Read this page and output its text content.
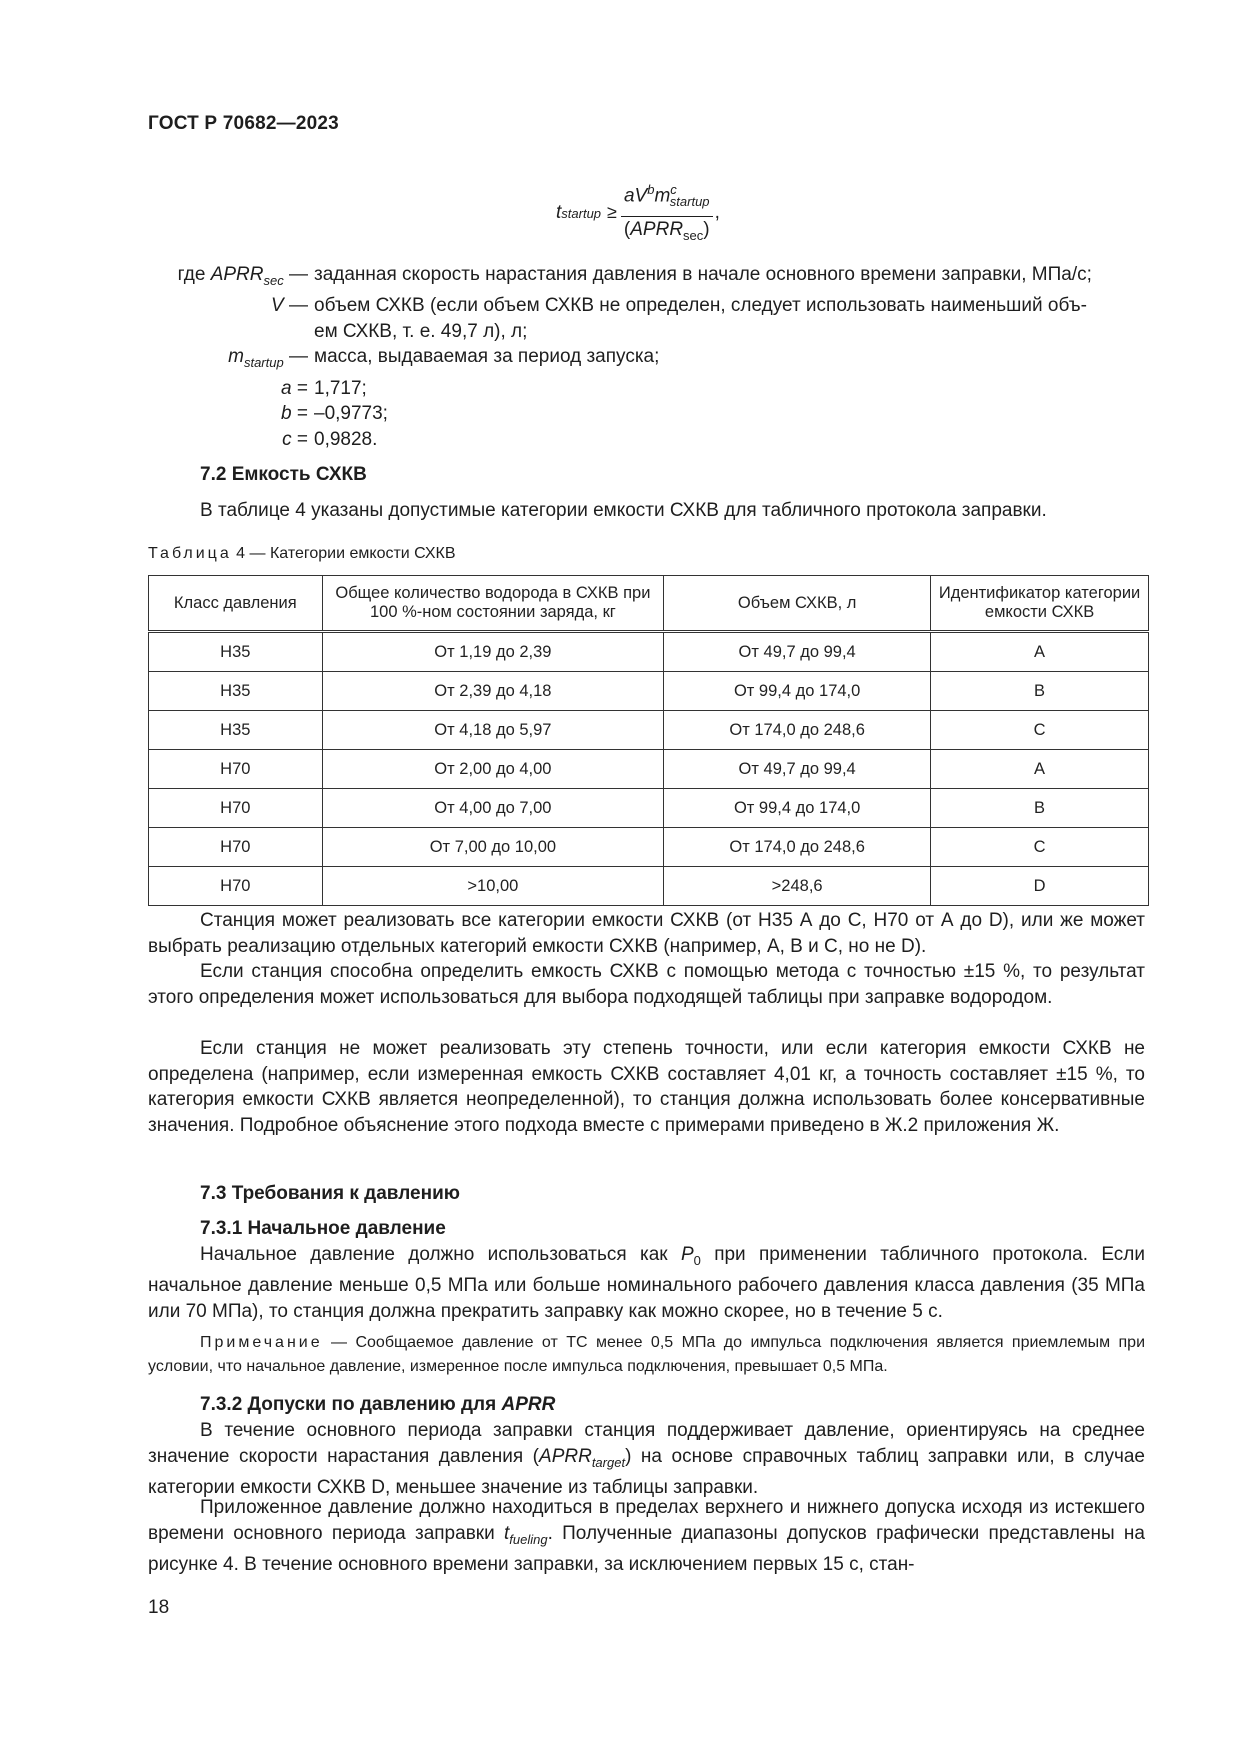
ГОСТ Р 70682—2023
t startup ≥ $\frac{aV^bm^c_{startup}}{(APRR_{sec})}$ ,
где $APRR_{sec}$ — заданная скорость нарастания давления в начале основного времени заправки, МПа/с;
V — объем СХКВ (если объем СХКВ не определен, следует использовать наименьший объ-
ем СХКВ, т. е. 49,7 л), л;
$m_{startup}$ — масса, выдаваемая за период запуска;
a = 1,717;
b = –0,9773;
c = 0,9828.
7.2 Емкость СХКВ
В таблице 4 указаны допустимые категории емкости СХКВ для табличного протокола заправки.
Таблица 4 — Категории емкости СХКВ
Класс давления	Общее количество водорода в СХКВ при 100 %-ном состоянии заряда, кг	Объем СХКВ, л	Идентификатор категории емкости СХКВ
Н35	От 1,19 до 2,39	От 49,7 до 99,4	A
Н35	От 2,39 до 4,18	От 99,4 до 174,0	B
Н35	От 4,18 до 5,97	От 174,0 до 248,6	C
Н70	От 2,00 до 4,00	От 49,7 до 99,4	A
Н70	От 4,00 до 7,00	От 99,4 до 174,0	B
Н70	От 7,00 до 10,00	От 174,0 до 248,6	C
Н70	>10,00	>248,6	D
Станция может реализовать все категории емкости СХКВ (от Н35 А до С, Н70 от А до D), или же может выбрать реализацию отдельных категорий емкости СХКВ (например, А, В и С, но не D).
Если станция способна определить емкость СХКВ с помощью метода с точностью ±15 %, то результат этого определения может использоваться для выбора подходящей таблицы при заправке водородом.
Если станция не может реализовать эту степень точности, или если категория емкости СХКВ не определена (например, если измеренная емкость СХКВ составляет 4,01 кг, а точность составляет ±15 %, то категория емкости СХКВ является неопределенной), то станция должна использовать более консервативные значения. Подробное объяснение этого подхода вместе с примерами приведено в Ж.2 приложения Ж.
7.3 Требования к давлению
7.3.1 Начальное давление
Начальное давление должно использоваться как $P_0$ при применении табличного протокола. Если начальное давление меньше 0,5 МПа или больше номинального рабочего давления класса давления (35 МПа или 70 МПа), то станция должна прекратить заправку как можно скорее, но в течение 5 с.
Примечание — Сообщаемое давление от ТС менее 0,5 МПа до импульса подключения является приемлемым при условии, что начальное давление, измеренное после импульса подключения, превышает 0,5 МПа.
7.3.2 Допуски по давлению для APRR
В течение основного периода заправки станция поддерживает давление, ориентируясь на среднее значение скорости нарастания давления $(APRR_{target})$ на основе справочных таблиц заправки или, в случае категории емкости СХКВ D, меньшее значение из таблицы заправки.
Приложенное давление должно находиться в пределах верхнего и нижнего допуска исходя из истекшего времени основного периода заправки $t_{fueling}$. Полученные диапазоны допусков графически представлены на рисунке 4. В течение основного времени заправки, за исключением первых 15 с, стан-
18
